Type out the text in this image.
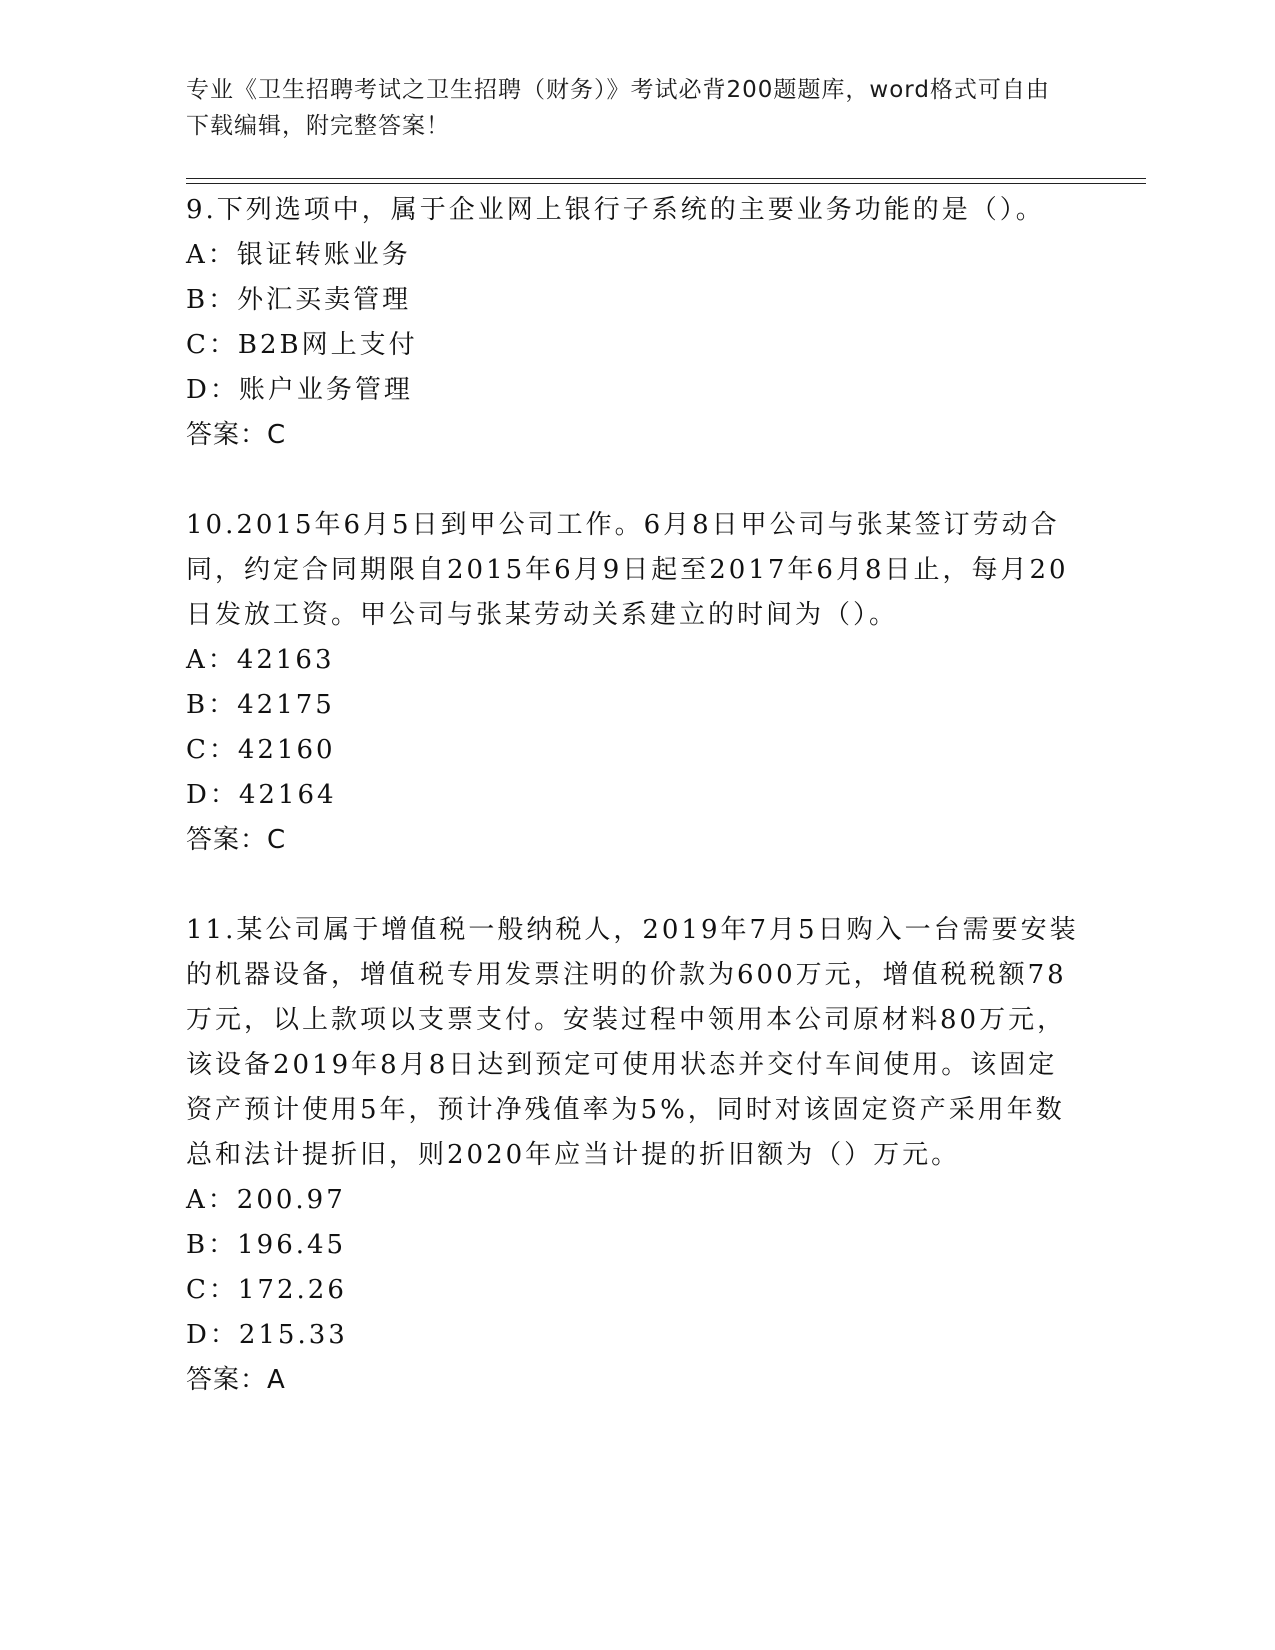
专业《卫生招聘考试之卫生招聘（财务）》考试必背200题题库，word格式可自由下载编辑，附完整答案！

9.下列选项中，属于企业网上银行子系统的主要业务功能的是（）。

A：银证转账业务

B：外汇买卖管理

C：B2B网上支付

D：账户业务管理

答案：C

10.2015年6月5日到甲公司工作。6月8日甲公司与张某签订劳动合同，约定合同期限自2015年6月9日起至2017年6月8日止，每月20日发放工资。甲公司与张某劳动关系建立的时间为（）。

A：42163

B：42175

C：42160

D：42164

答案：C

11.某公司属于增值税一般纳税人，2019年7月5日购入一台需要安装的机器设备，增值税专用发票注明的价款为600万元，增值税税额78万元，以上款项以支票支付。安装过程中领用本公司原材料80万元，该设备2019年8月8日达到预定可使用状态并交付车间使用。该固定资产预计使用5年，预计净残值率为5%，同时对该固定资产采用年数总和法计提折旧，则2020年应当计提的折旧额为（）万元。

A：200.97

B：196.45

C：172.26

D：215.33

答案：A
